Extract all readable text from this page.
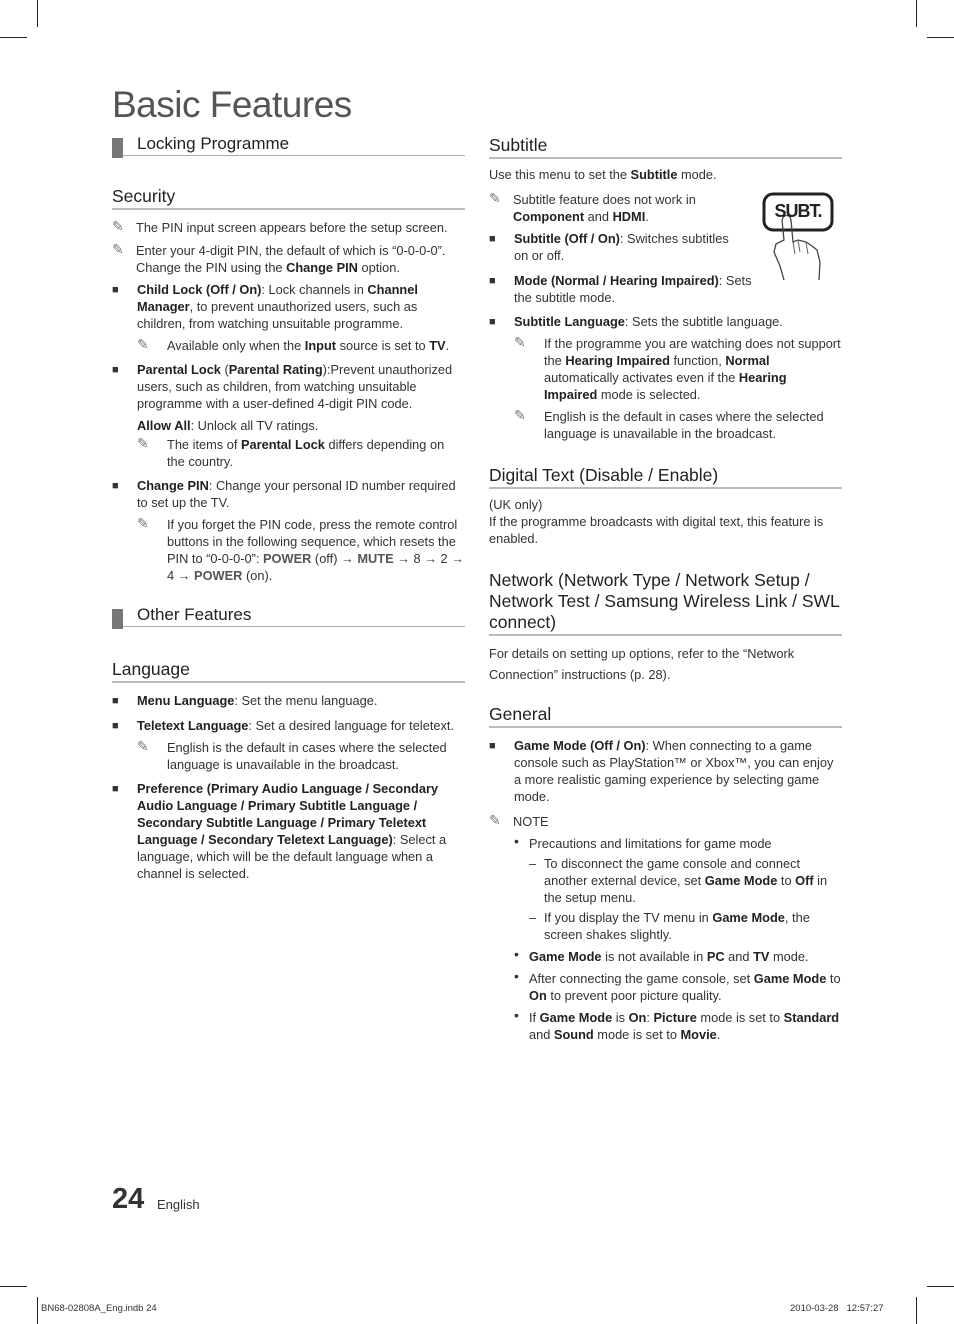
Basic Features
Locking Programme
Security

✎ The PIN input screen appears before the setup screen.

✎ Enter your 4-digit PIN, the default of which is “0-0-0-0”. Change the PIN using the Change PIN option.

■ Child Lock (Off / On): Lock channels in Channel Manager, to prevent unauthorized users, such as children, from watching unsuitable programme.

✎ Available only when the Input source is set to TV.

■ Parental Lock (Parental Rating):Prevent unauthorized users, such as children, from watching unsuitable programme with a user-defined 4-digit PIN code.

Allow All: Unlock all TV ratings.

✎ The items of Parental Lock differs depending on the country.

■ Change PIN: Change your personal ID number required to set up the TV.

✎ If you forget the PIN code, press the remote control buttons in the following sequence, which resets the PIN to “0-0-0-0”: POWER (off) → MUTE → 8 → 2 → 4 → POWER (on).

Other Features
Language

■ Menu Language: Set the menu language.

■ Teletext Language: Set a desired language for teletext.

✎ English is the default in cases where the selected language is unavailable in the broadcast.

■ Preference (Primary Audio Language / Secondary Audio Language / Primary Subtitle Language / Secondary Subtitle Language / Primary Teletext Language / Secondary Teletext Language): Select a language, which will be the default language when a channel is selected.

Subtitle

Use this menu to set the Subtitle mode.

✎ Subtitle feature does not work in Component and HDMI.

■ Subtitle (Off / On): Switches subtitles on or off.

■ Mode (Normal / Hearing Impaired): Sets the subtitle mode.

■ Subtitle Language: Sets the subtitle language.

✎ If the programme you are watching does not support the Hearing Impaired function, Normal automatically activates even if the Hearing Impaired mode is selected.

✎ English is the default in cases where the selected language is unavailable in the broadcast.

Digital Text (Disable / Enable)

(UK only)

If the programme broadcasts with digital text, this feature is enabled.

Network (Network Type / Network Setup / Network Test / Samsung Wireless Link / SWL connect)

For details on setting up options, refer to the “Network Connection” instructions (p. 28).

General

■ Game Mode (Off / On): When connecting to a game console such as PlayStation™ or Xbox™, you can enjoy a more realistic gaming experience by selecting game mode.

✎ NOTE

• Precautions and limitations for game mode

– To disconnect the game console and connect another external device, set Game Mode to Off in the setup menu.

– If you display the TV menu in Game Mode, the screen shakes slightly.

• Game Mode is not available in PC and TV mode.

• After connecting the game console, set Game Mode to On to prevent poor picture quality.

• If Game Mode is On: Picture mode is set to Standard and Sound mode is set to Movie.

SUBT.
24 English
BN68-02808A_Eng.indb 24	2010-03-28   12:57:27
